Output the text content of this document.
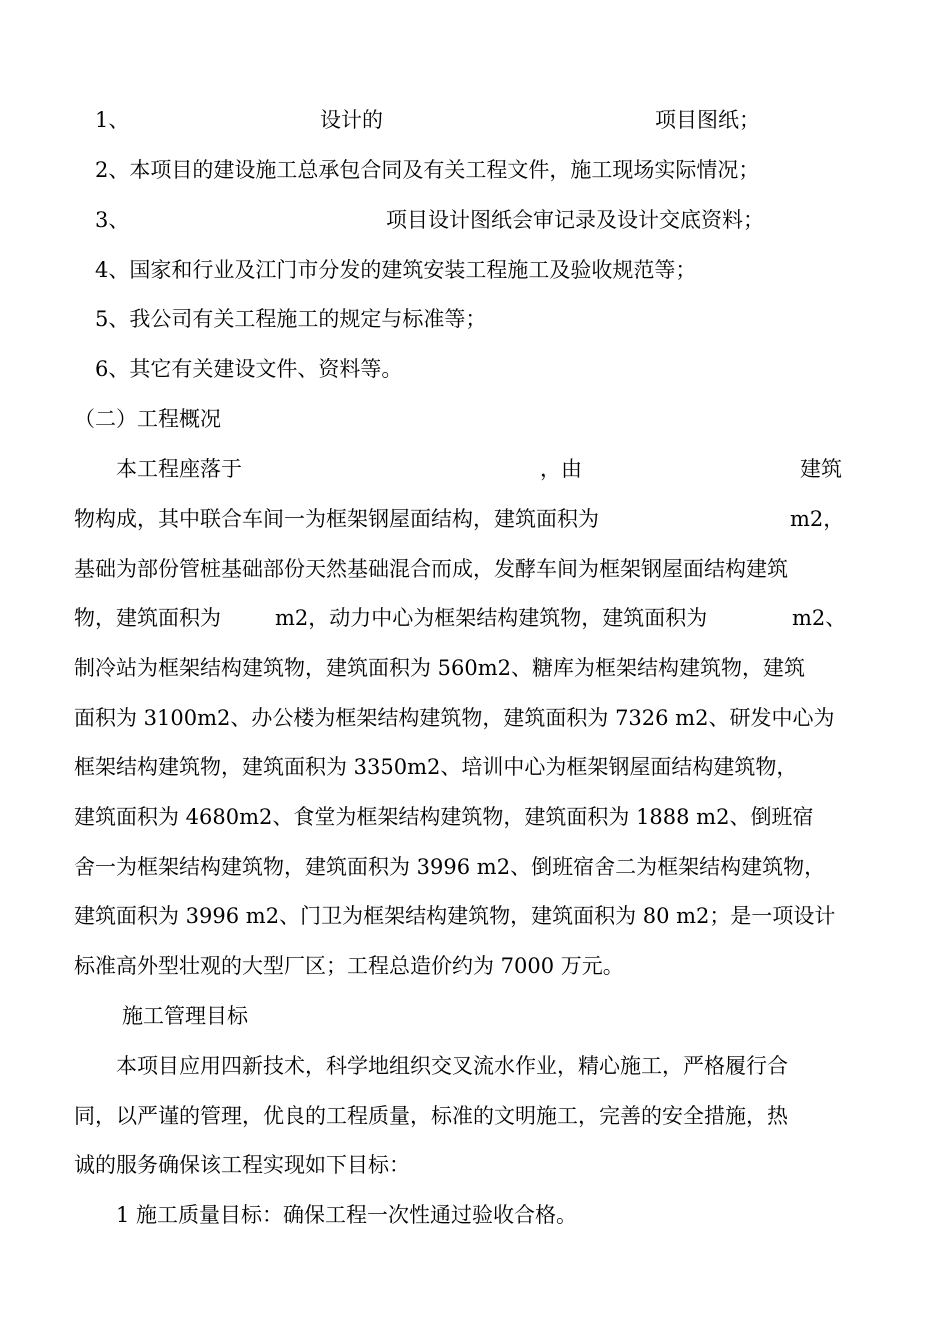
1、	设计的	项目图纸；
2、本项目的建设施工总承包合同及有关工程文件，施工现场实际情况；
3、	项目设计图纸会审记录及设计交底资料；
4、国家和行业及江门市分发的建筑安装工程施工及验收规范等；
5、我公司有关工程施工的规定与标准等；
6、其它有关建设文件、资料等。
（二）工程概况
本工程座落于	，由	建筑
物构成，其中联合车间一为框架钢屋面结构，建筑面积为	m2，
基础为部份管桩基础部份天然基础混合而成，发酵车间为框架钢屋面结构建筑
物，建筑面积为	m2，动力中心为框架结构建筑物，建筑面积为	m2、
制冷站为框架结构建筑物，建筑面积为 560m2、糖库为框架结构建筑物，建筑
面积为 3100m2、办公楼为框架结构建筑物，建筑面积为 7326 m2、研发中心为
框架结构建筑物，建筑面积为 3350m2、培训中心为框架钢屋面结构建筑物，
建筑面积为 4680m2、食堂为框架结构建筑物，建筑面积为 1888 m2、倒班宿
舍一为框架结构建筑物，建筑面积为 3996 m2、倒班宿舍二为框架结构建筑物，
建筑面积为 3996 m2、门卫为框架结构建筑物，建筑面积为 80 m2；是一项设计
标准高外型壮观的大型厂区；工程总造价约为 7000 万元。
施工管理目标
本项目应用四新技术，科学地组织交叉流水作业，精心施工，严格履行合
同，以严谨的管理，优良的工程质量，标准的文明施工，完善的安全措施，热
诚的服务确保该工程实现如下目标：
1 施工质量目标：确保工程一次性通过验收合格。
